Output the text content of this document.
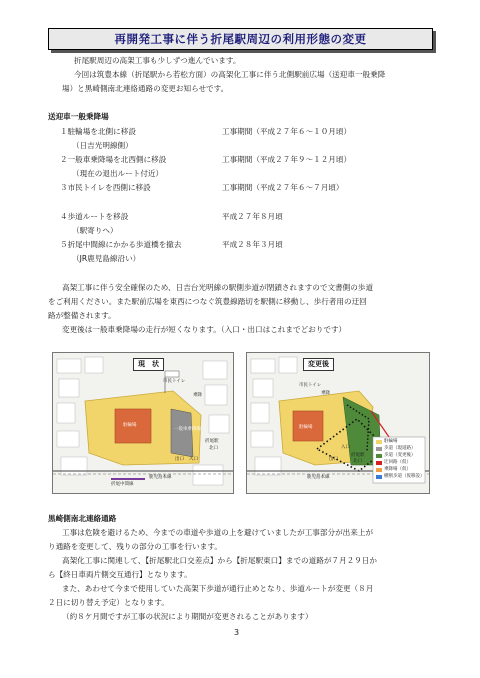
再開発工事に伴う折尾駅周辺の利用形態の変更
折尾駅周辺の高架工事も少しずつ進んでいます。
今回は筑豊本線（折尾駅から若松方面）の高架化工事に伴う北側駅前広場（送迎車一般乗降
場）と黒崎側南北連絡通路の変更お知らせです。
送迎車一般乗降場
１駐輪場を北側に移設	工事期間（平成２７年６〜１０月頃）
（日吉光明線側）
２一般車乗降場を北西側に移設	工事期間（平成２７年９〜１２月頃）
（現在の退出ルート付近）
３市民トイレを西側に移設	工事期間（平成２７年６〜７月頃）
４歩道ルートを移設	平成２７年８月頃
（駅寄りへ）
５折尾中間線にかかる歩道橋を撤去	平成２８年３月頃
（JR鹿児島線沿い）
高架工事に伴う安全確保のため、日吉台光明線の駅側歩道が閉鎖されますので文書側の歩道
をご利用ください。また駅前広場を東西につなぐ筑豊線踏切を駅側に移動し、歩行者用の迂回
路が整備されます。
変更後は一般車乗降場の走行が短くなります。（入口・出口はこれまでどおりです）
現　状
市民トイレ
乗降
駐輪場
一般車乗降場
折尾駅
北口
出口 入口
鹿児島本線
折尾中間線
変更後
市民トイレ
乗降
駐輪場
折尾駅
北口
出口
入口
鹿児島本線
駐輪場
歩道（現道路）
歩道（変更後）
迂回路（仮）
乗降場（仮）
横断歩道（仮移設）
黒崎側南北連絡通路
工事は危険を避けるため、今までの車道や歩道の上を避けていましたが工事部分が出来上が
り通路を変更して、残りの部分の工事を行います。
高架化工事に関連して、【折尾駅北口交差点】から【折尾駅東口】までの道路が７月２９日か
ら【終日車両片側交互通行】となります。
また、あわせて今まで使用していた高架下歩道が通行止めとなり、歩道ルートが変更（８月
２日に切り替え予定）となります。
（約８ケ月間ですが工事の状況により期間が変更されることがあります）
3
